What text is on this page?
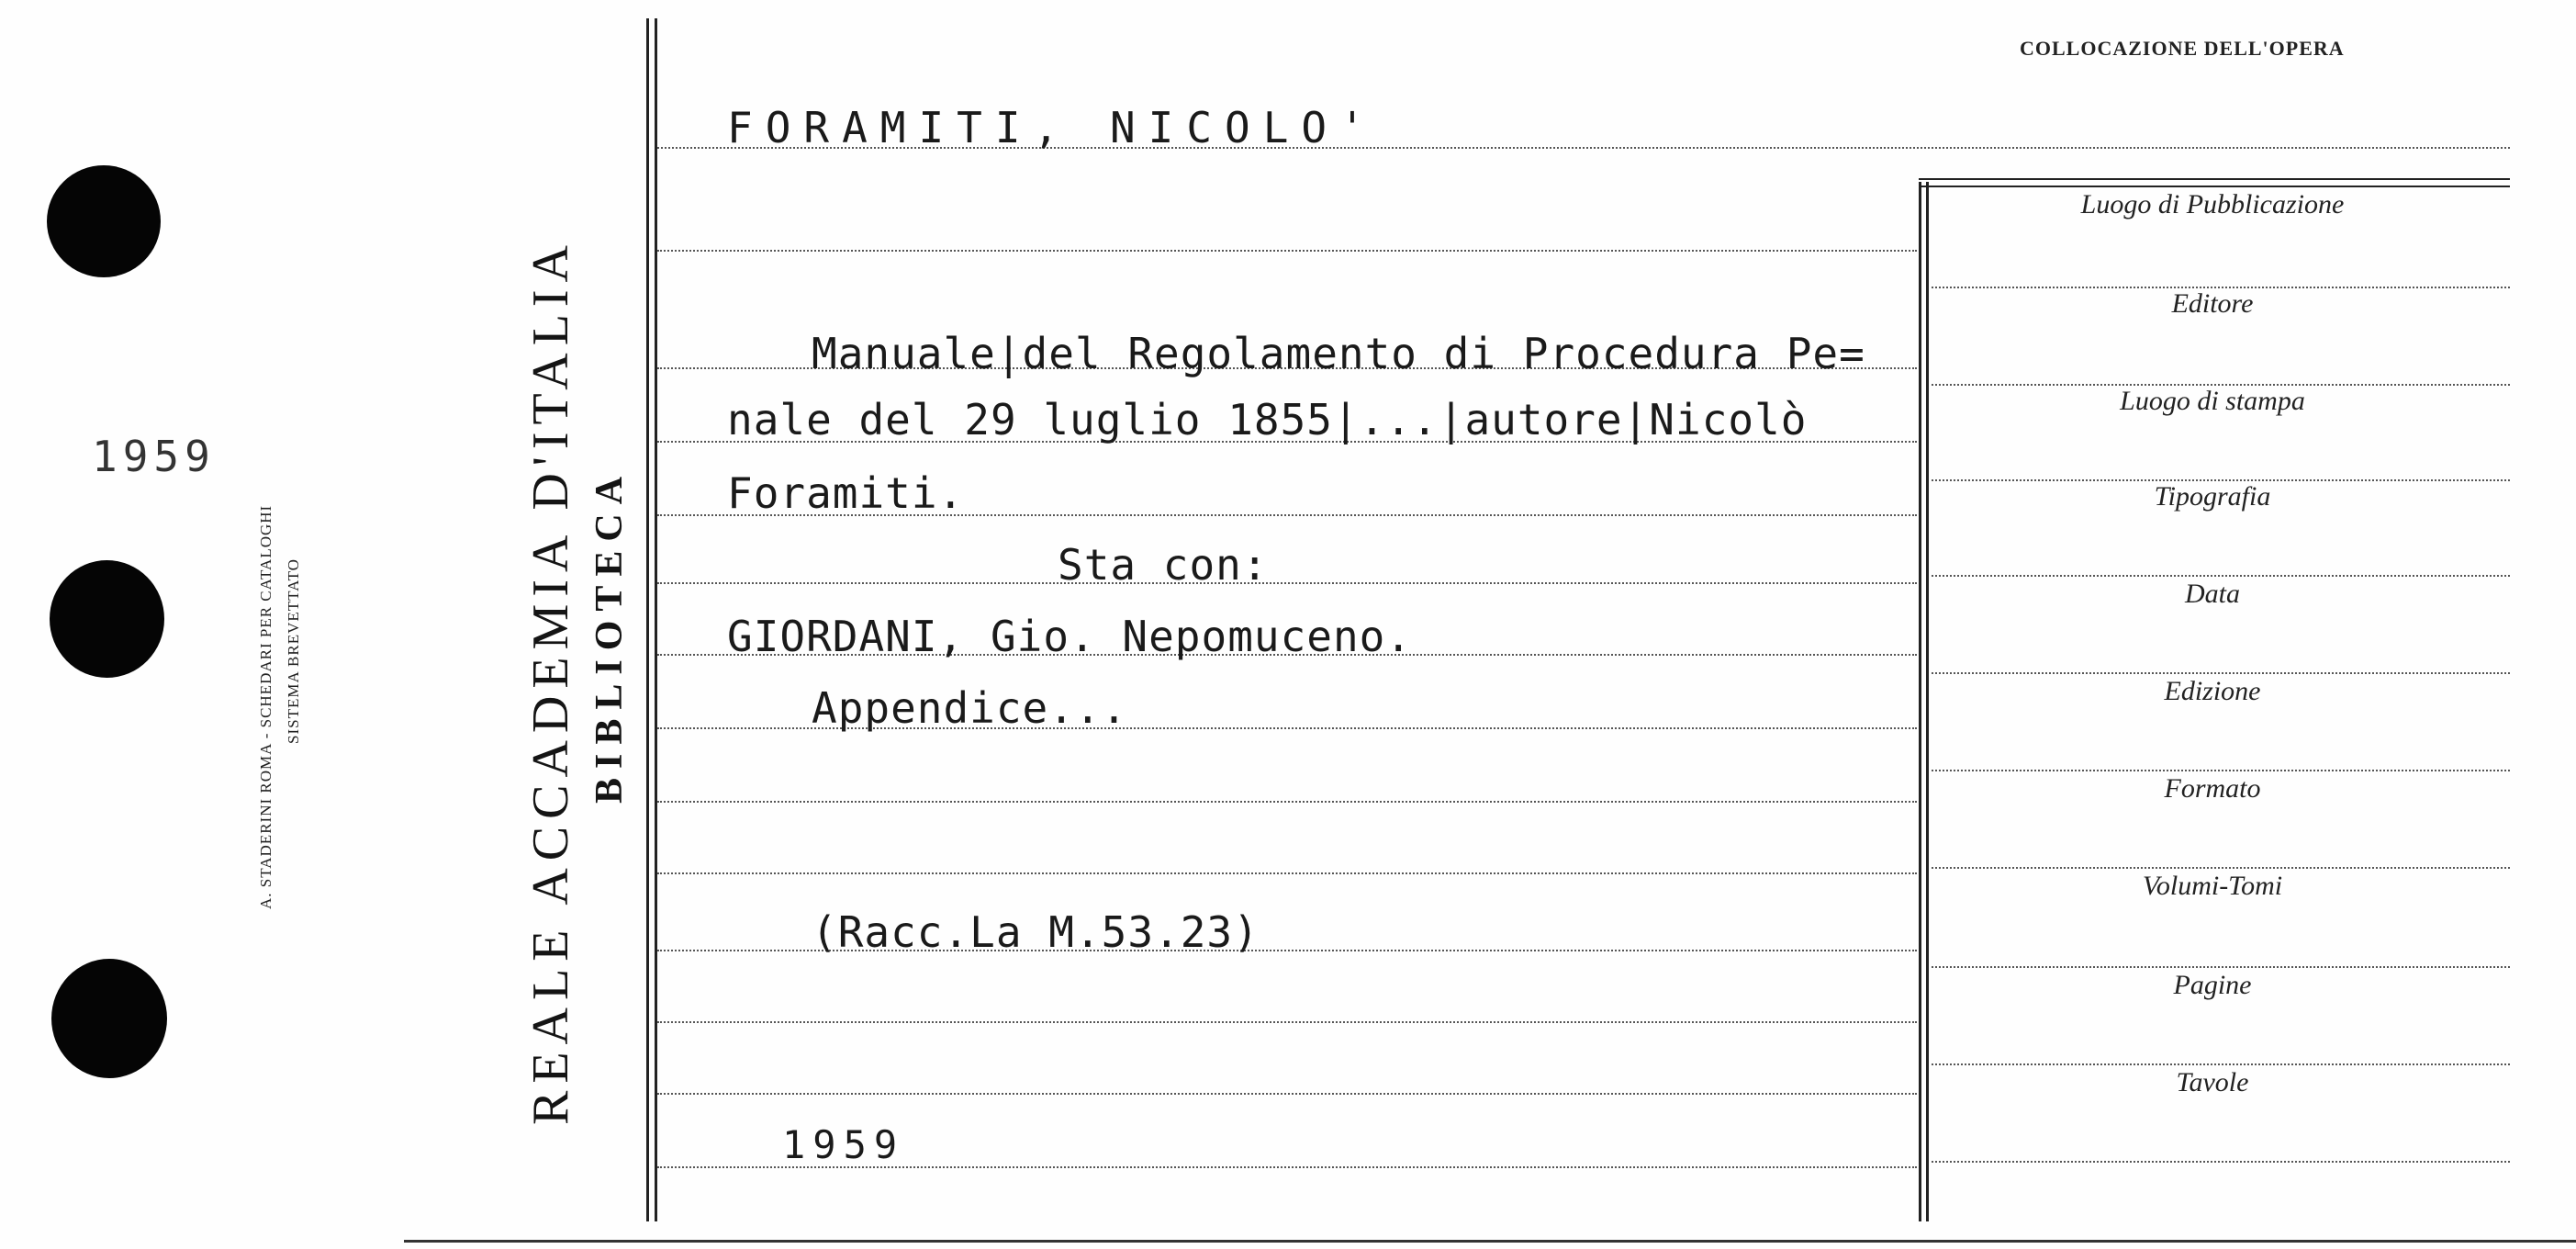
1959
A. STADERINI ROMA - SCHEDARI PER CATALOGHI SISTEMA BREVETTATO	REALE ACCADEMIA D'ITALIA BIBLIOTECA
COLLOCAZIONE DELL'OPERA
Luogo di Pubblicazione
Editore
Luogo di stampa
Tipografia
Data
Edizione
Formato
Volumi-Tomi
Pagine
Tavole
FORAMITI, NICOLO'
Manuale|del Regolamento di Procedura Pe=
nale del 29 luglio 1855|...|autore|Nicolò
Foramiti.
Sta con:
GIORDANI, Gio. Nepomuceno.
Appendice...
(Racc.La M.53.23)
1959
